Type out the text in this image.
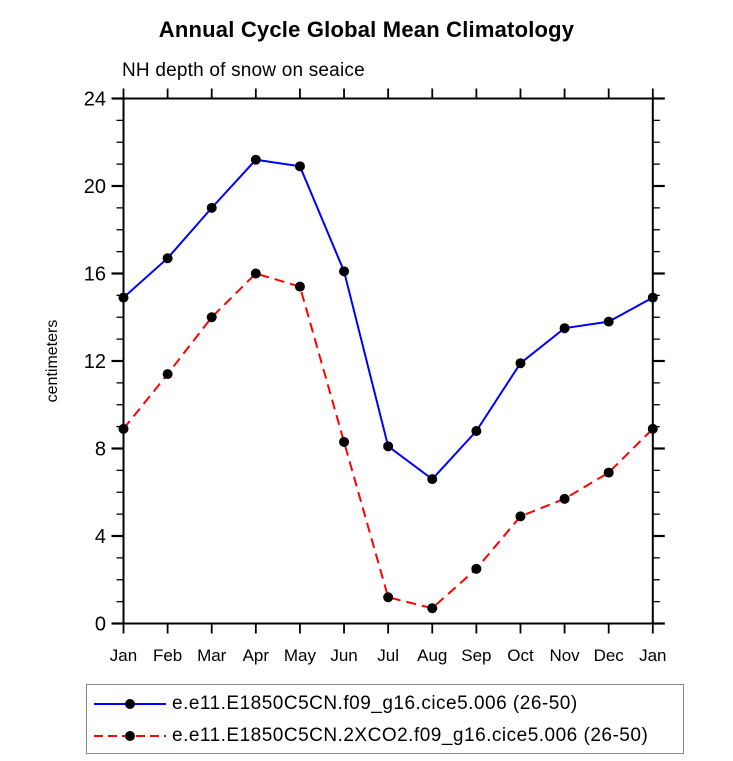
Annual Cycle Global Mean Climatology
NH depth of snow on seaice
0
4
8
12
16
20
24
Jan Feb Mar Apr May Jun Jul Aug Sep Oct Nov Dec Jan
centimeters
e.e11.E1850C5CN.f09_g16.cice5.006 (26-50)
e.e11.E1850C5CN.2XCO2.f09_g16.cice5.006 (26-50)
